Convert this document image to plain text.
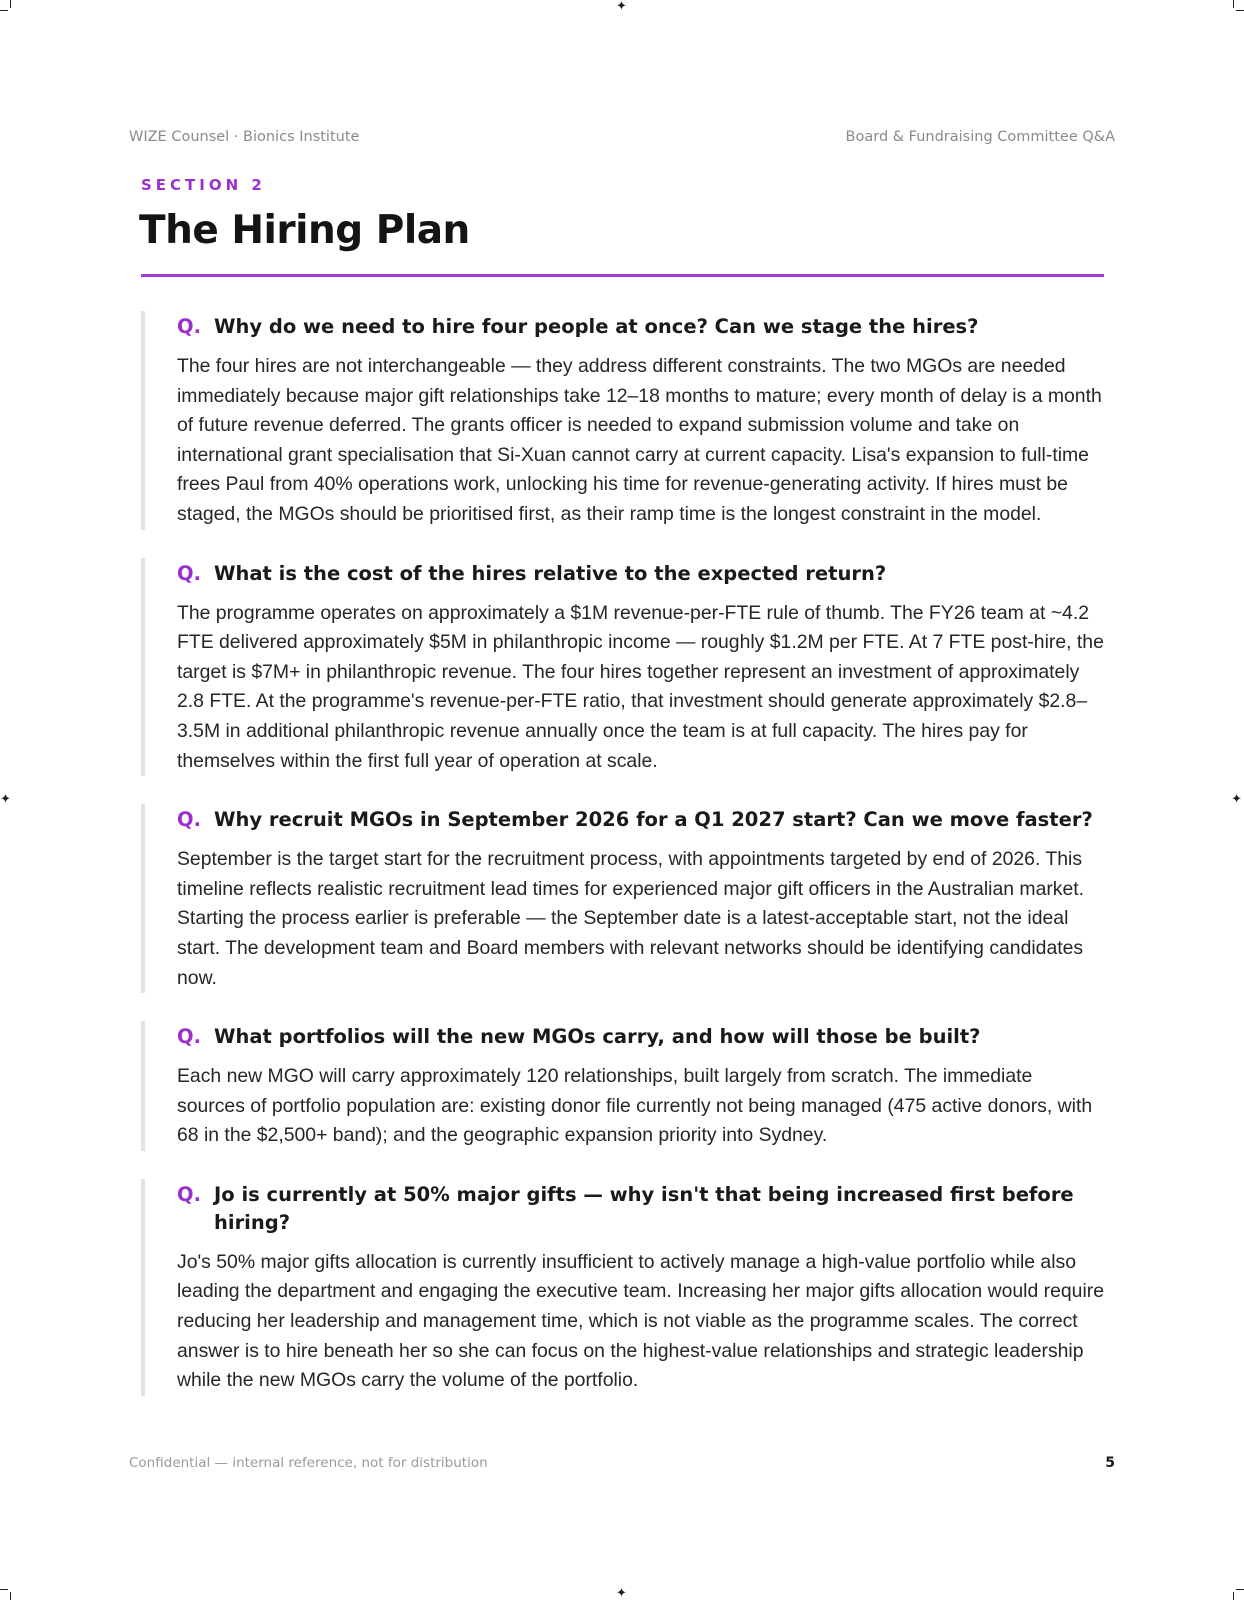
✦
✦
✦	✦
WIZE Counsel · Bionics Institute	Board & Fundraising Committee Q&A
SECTION 2
The Hiring Plan
Q. Why do we need to hire four people at once? Can we stage the hires?

The four hires are not interchangeable — they address different constraints. The two MGOs are needed immediately because major gift relationships take 12–18 months to mature; every month of delay is a month of future revenue deferred. The grants officer is needed to expand submission volume and take on international grant specialisation that Si-Xuan cannot carry at current capacity. Lisa's expansion to full-time frees Paul from 40% operations work, unlocking his time for revenue-generating activity. If hires must be staged, the MGOs should be prioritised first, as their ramp time is the longest constraint in the model.

Q. What is the cost of the hires relative to the expected return?

The programme operates on approximately a $1M revenue-per-FTE rule of thumb. The FY26 team at ~4.2 FTE delivered approximately $5M in philanthropic income — roughly $1.2M per FTE. At 7 FTE post-hire, the target is $7M+ in philanthropic revenue. The four hires together represent an investment of approximately 2.8 FTE. At the programme's revenue-per-FTE ratio, that investment should generate approximately $2.8–3.5M in additional philanthropic revenue annually once the team is at full capacity. The hires pay for themselves within the first full year of operation at scale.

Q. Why recruit MGOs in September 2026 for a Q1 2027 start? Can we move faster?

September is the target start for the recruitment process, with appointments targeted by end of 2026. This timeline reflects realistic recruitment lead times for experienced major gift officers in the Australian market. Starting the process earlier is preferable — the September date is a latest-acceptable start, not the ideal start. The development team and Board members with relevant networks should be identifying candidates now.

Q. What portfolios will the new MGOs carry, and how will those be built?

Each new MGO will carry approximately 120 relationships, built largely from scratch. The immediate sources of portfolio population are: existing donor file currently not being managed (475 active donors, with 68 in the $2,500+ band); and the geographic expansion priority into Sydney.

Q. Jo is currently at 50% major gifts — why isn't that being increased first before hiring?

Jo's 50% major gifts allocation is currently insufficient to actively manage a high-value portfolio while also leading the department and engaging the executive team. Increasing her major gifts allocation would require reducing her leadership and management time, which is not viable as the programme scales. The correct answer is to hire beneath her so she can focus on the highest-value relationships and strategic leadership while the new MGOs carry the volume of the portfolio.

Confidential — internal reference, not for distribution	5
